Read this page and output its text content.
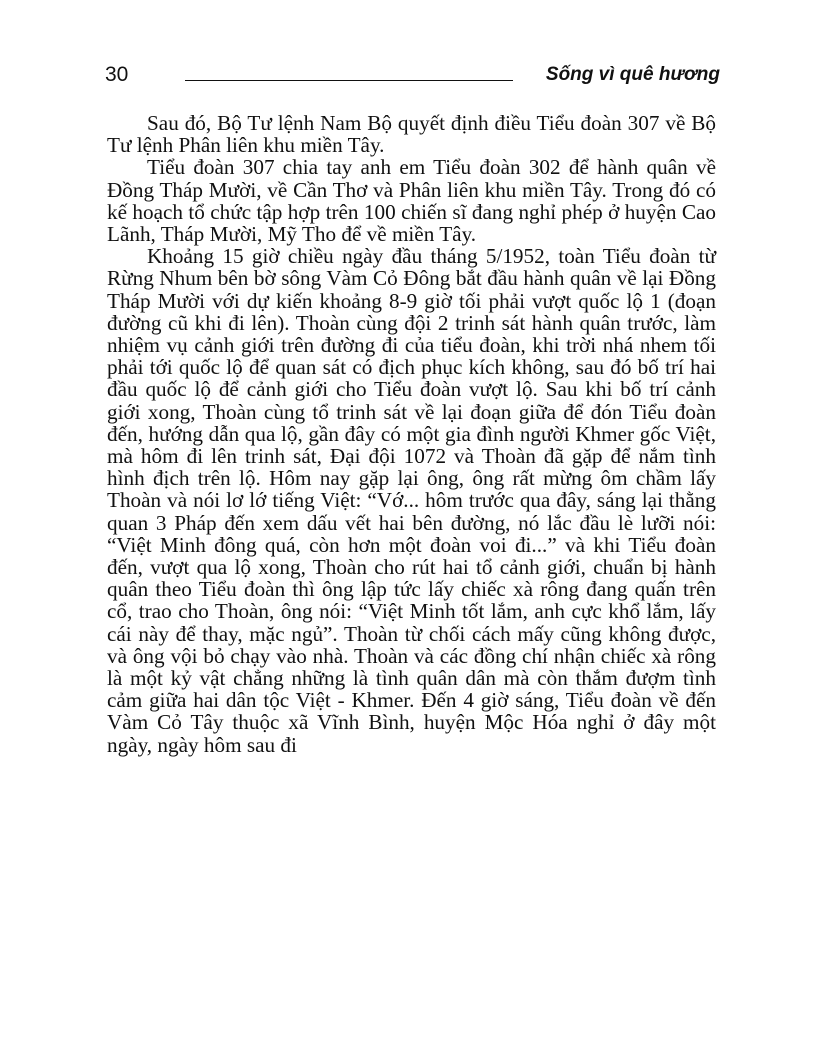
30	Sống vì quê hương

Sau đó, Bộ Tư lệnh Nam Bộ quyết định điều Tiểu đoàn 307 về Bộ Tư lệnh Phân liên khu miền Tây.

Tiểu đoàn 307 chia tay anh em Tiểu đoàn 302 để hành quân về Đồng Tháp Mười, về Cần Thơ và Phân liên khu miền Tây. Trong đó có kế hoạch tổ chức tập hợp trên 100 chiến sĩ đang nghỉ phép ở huyện Cao Lãnh, Tháp Mười, Mỹ Tho để về miền Tây.

Khoảng 15 giờ chiều ngày đầu tháng 5/1952, toàn Tiểu đoàn từ Rừng Nhum bên bờ sông Vàm Cỏ Đông bắt đầu hành quân về lại Đồng Tháp Mười với dự kiến khoảng 8-9 giờ tối phải vượt quốc lộ 1 (đoạn đường cũ khi đi lên). Thoàn cùng đội 2 trinh sát hành quân trước, làm nhiệm vụ cảnh giới trên đường đi của tiểu đoàn, khi trời nhá nhem tối phải tới quốc lộ để quan sát có địch phục kích không, sau đó bố trí hai đầu quốc lộ để cảnh giới cho Tiểu đoàn vượt lộ. Sau khi bố trí cảnh giới xong, Thoàn cùng tổ trinh sát về lại đoạn giữa để đón Tiểu đoàn đến, hướng dẫn qua lộ, gần đây có một gia đình người Khmer gốc Việt, mà hôm đi lên trinh sát, Đại đội 1072 và Thoàn đã gặp để nắm tình hình địch trên lộ. Hôm nay gặp lại ông, ông rất mừng ôm chầm lấy Thoàn và nói lơ lớ tiếng Việt: “Vớ... hôm trước qua đây, sáng lại thằng quan 3 Pháp đến xem dấu vết hai bên đường, nó lắc đầu lè lưỡi nói: “Việt Minh đông quá, còn hơn một đoàn voi đi...” và khi Tiểu đoàn đến, vượt qua lộ xong, Thoàn cho rút hai tổ cảnh giới, chuẩn bị hành quân theo Tiểu đoàn thì ông lập tức lấy chiếc xà rông đang quấn trên cổ, trao cho Thoàn, ông nói: “Việt Minh tốt lắm, anh cực khổ lắm, lấy cái này để thay, mặc ngủ”. Thoàn từ chối cách mấy cũng không được, và ông vội bỏ chạy vào nhà. Thoàn và các đồng chí nhận chiếc xà rông là một kỷ vật chẳng những là tình quân dân mà còn thắm đượm tình cảm giữa hai dân tộc Việt - Khmer. Đến 4 giờ sáng, Tiểu đoàn về đến Vàm Cỏ Tây thuộc xã Vĩnh Bình, huyện Mộc Hóa nghỉ ở đây một ngày, ngày hôm sau đi
